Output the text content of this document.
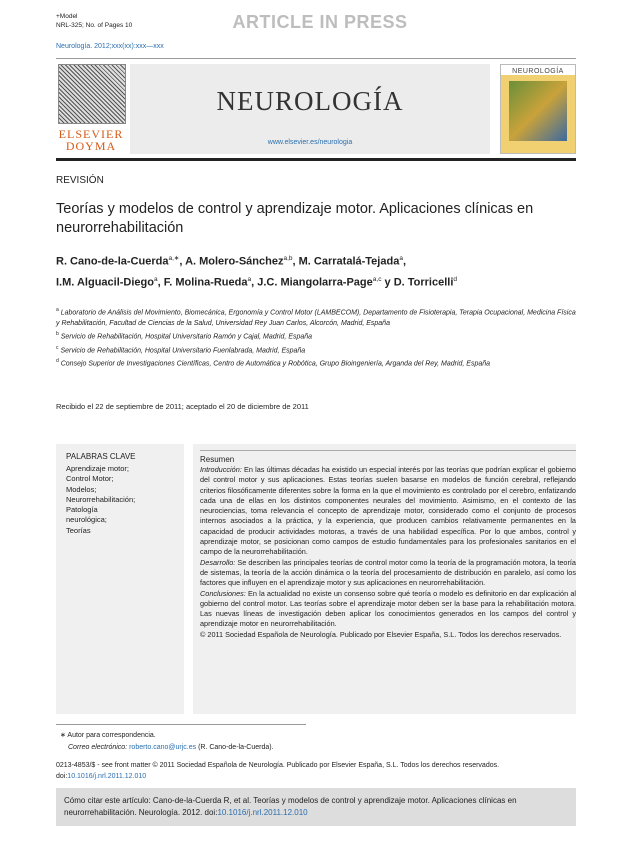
+Model
NRL-325; No. of Pages 10	ARTICLE IN PRESS
Neurología. 2012;xxx(xx):xxx—xxx
ELSEVIER
DOYMA
NEUROLOGÍA
www.elsevier.es/neurologia
NEUROLOGÍA
REVISIÓN
Teorías y modelos de control y aprendizaje motor. Aplicaciones clínicas en neurorrehabilitación
R. Cano-de-la-Cuerda$^{a,∗}$, A. Molero-Sánchez$^{a,b}$, M. Carratalá-Tejada$^a$,
I.M. Alguacil-Diego$^a$, F. Molina-Rueda$^a$, J.C. Miangolarra-Page$^{a,c}$ y D. Torricelli$^d$
$^a$ Laboratorio de Análisis del Movimiento, Biomecánica, Ergonomía y Control Motor (LAMBECOM), Departamento de Fisioterapia, Terapia Ocupacional, Medicina Física y Rehabilitación, Facultad de Ciencias de la Salud, Universidad Rey Juan Carlos, Alcorcón, Madrid, España
$^b$ Servicio de Rehabilitación, Hospital Universitario Ramón y Cajal, Madrid, España
$^c$ Servicio de Rehabilitación, Hospital Universitario Fuenlabrada, Madrid, España
$^d$ Consejo Superior de Investigaciones Científicas, Centro de Automática y Robótica, Grupo Bioingeniería, Arganda del Rey, Madrid, España
Recibido el 22 de septiembre de 2011; aceptado el 20 de diciembre de 2011
PALABRAS CLAVE
Aprendizaje motor;
Control Motor;
Modelos;
Neurorrehabilitación;
Patología
neurológica;
Teorías
Resumen
Introducción: En las últimas décadas ha existido un especial interés por las teorías que podrían explicar el gobierno del control motor y sus aplicaciones. Estas teorías suelen basarse en modelos de función cerebral, reflejando criterios filosóficamente diferentes sobre la forma en la que el movimiento es controlado por el cerebro, enfatizando cada una de ellas en los distintos componentes neurales del movimiento. Asimismo, en el contexto de las neurociencias, toma relevancia el concepto de aprendizaje motor, considerado como el conjunto de procesos internos asociados a la práctica, y la experiencia, que producen cambios relativamente permanentes en la capacidad de producir actividades motoras, a través de una habilidad específica. Por lo que ambos, control y aprendizaje motor, se posicionan como campos de estudio fundamentales para los profesionales sanitarios en el campo de la neurorrehabilitación.
Desarrollo: Se describen las principales teorías de control motor como la teoría de la programación motora, la teoría de sistemas, la teoría de la acción dinámica o la teoría del procesamiento de distribución en paralelo, así como los factores que influyen en el aprendizaje motor y sus aplicaciones en neurorrehabilitación.
Conclusiones: En la actualidad no existe un consenso sobre qué teoría o modelo es definitorio en dar explicación al gobierno del control motor. Las teorías sobre el aprendizaje motor deben ser la base para la rehabilitación motora. Las nuevas líneas de investigación deben aplicar los conocimientos generados en los campos del control y aprendizaje motor en neurorrehabilitación.
© 2011 Sociedad Española de Neurología. Publicado por Elsevier España, S.L. Todos los derechos reservados.
∗ Autor para correspondencia.
Correo electrónico: roberto.cano@urjc.es (R. Cano-de-la-Cuerda).
0213-4853/$ - see front matter © 2011 Sociedad Española de Neurología. Publicado por Elsevier España, S.L. Todos los derechos reservados.
doi:10.1016/j.nrl.2011.12.010
Cómo citar este artículo: Cano-de-la-Cuerda R, et al. Teorías y modelos de control y aprendizaje motor. Aplicaciones clínicas en neurorrehabilitación. Neurología. 2012. doi:10.1016/j.nrl.2011.12.010
